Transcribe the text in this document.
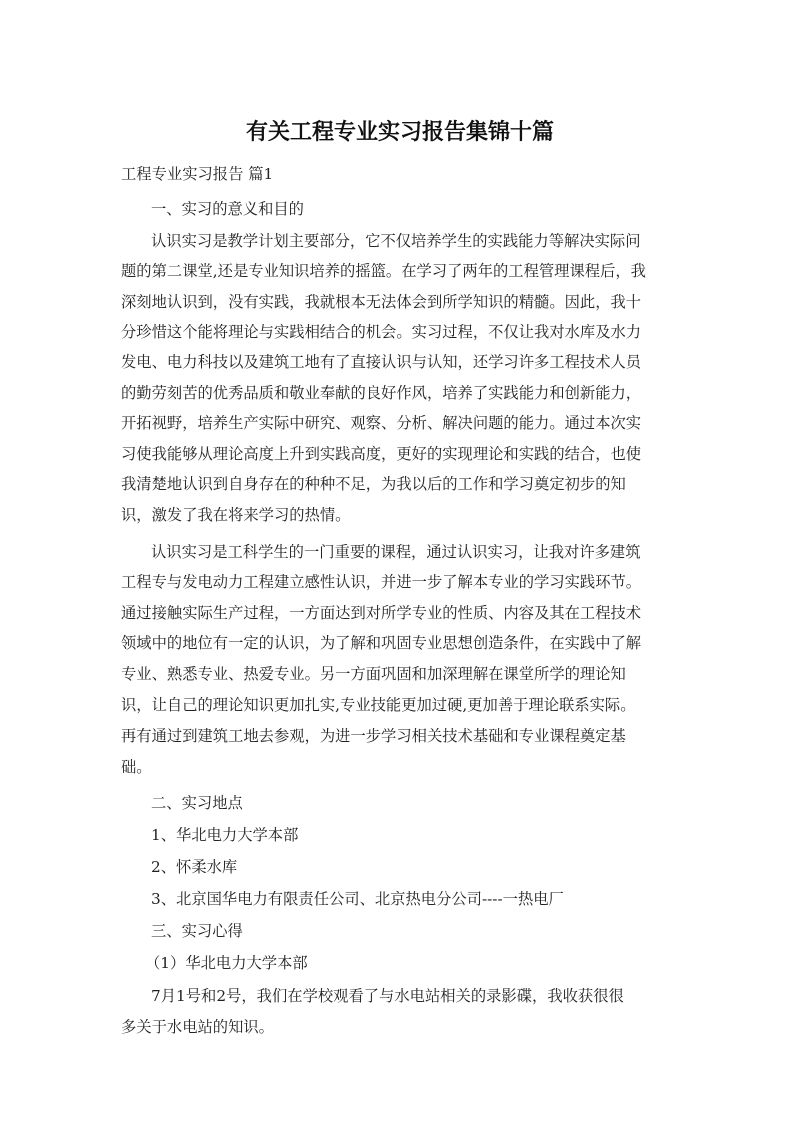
有关工程专业实习报告集锦十篇
工程专业实习报告 篇1
一、实习的意义和目的
认识实习是教学计划主要部分，它不仅培养学生的实践能力等解决实际问
题的第二课堂,还是专业知识培养的摇篮。在学习了两年的工程管理课程后，我
深刻地认识到，没有实践，我就根本无法体会到所学知识的精髓。因此，我十
分珍惜这个能将理论与实践相结合的机会。实习过程，不仅让我对水库及水力
发电、电力科技以及建筑工地有了直接认识与认知，还学习许多工程技术人员
的勤劳刻苦的优秀品质和敬业奉献的良好作风，培养了实践能力和创新能力，
开拓视野，培养生产实际中研究、观察、分析、解决问题的能力。通过本次实
习使我能够从理论高度上升到实践高度，更好的实现理论和实践的结合，也使
我清楚地认识到自身存在的种种不足，为我以后的工作和学习奠定初步的知
识，激发了我在将来学习的热情。
认识实习是工科学生的一门重要的课程，通过认识实习，让我对许多建筑
工程专与发电动力工程建立感性认识，并进一步了解本专业的学习实践环节。
通过接触实际生产过程，一方面达到对所学专业的性质、内容及其在工程技术
领域中的地位有一定的认识，为了解和巩固专业思想创造条件，在实践中了解
专业、熟悉专业、热爱专业。另一方面巩固和加深理解在课堂所学的理论知
识，让自己的理论知识更加扎实,专业技能更加过硬,更加善于理论联系实际。
再有通过到建筑工地去参观，为进一步学习相关技术基础和专业课程奠定基
础。
二、实习地点
1、华北电力大学本部
2、怀柔水库
3、北京国华电力有限责任公司、北京热电分公司----一热电厂
三、实习心得
（1）华北电力大学本部
7月1号和2号，我们在学校观看了与水电站相关的录影碟，我收获很很
多关于水电站的知识。
